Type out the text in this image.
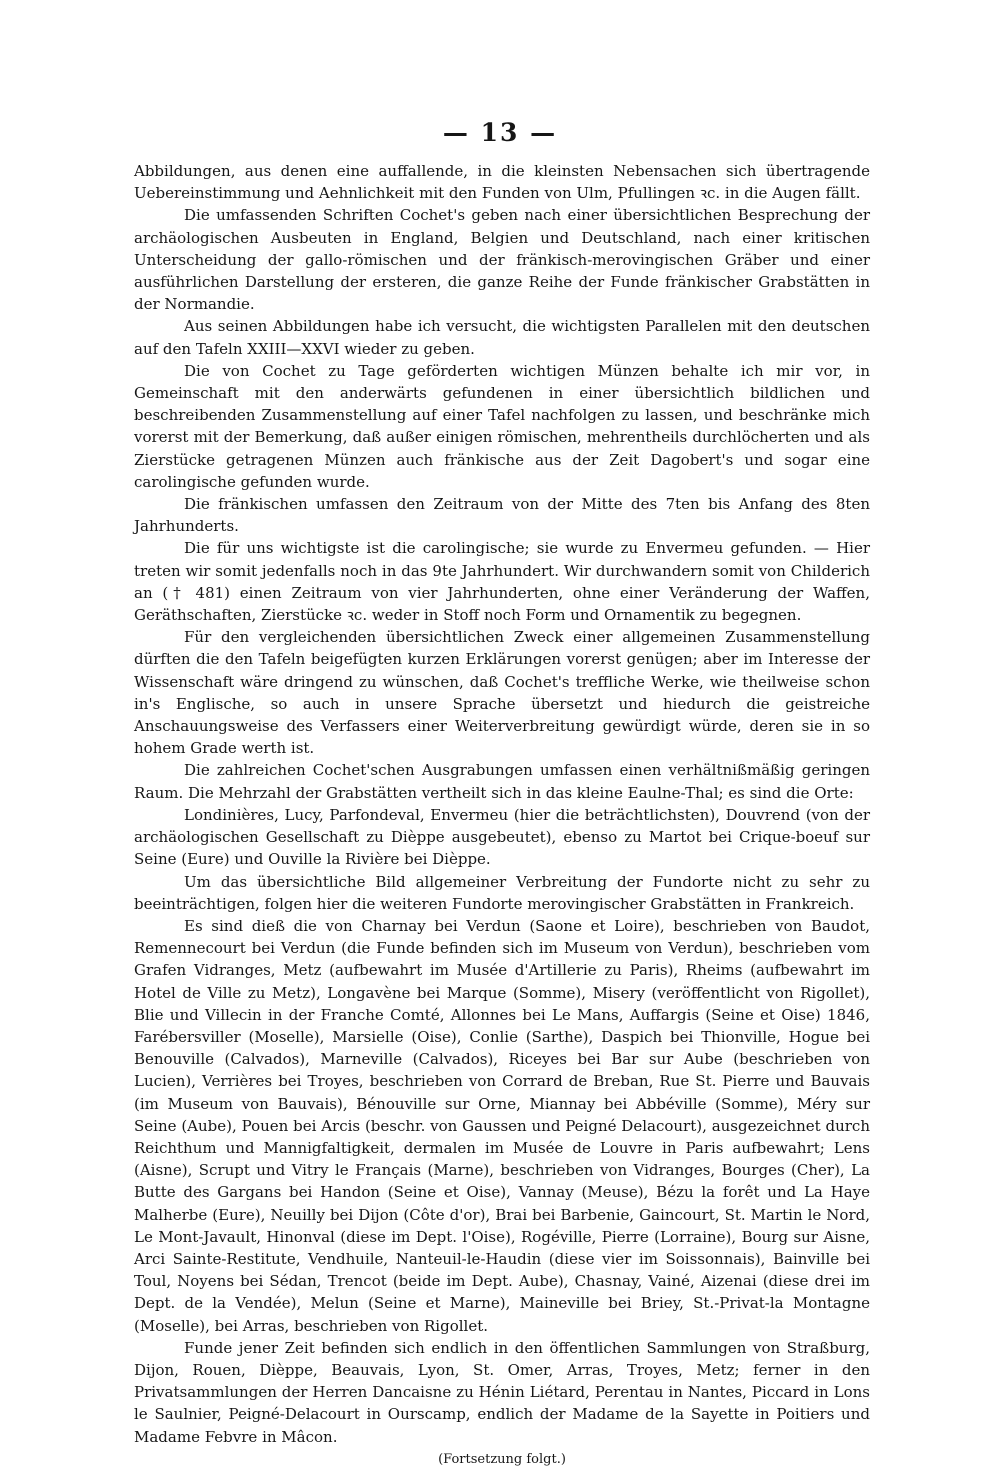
— 13 —

Abbildungen, aus denen eine auffallende, in die kleinsten Nebensachen sich übertragende Uebereinstimmung und Aehnlichkeit mit den Funden von Ulm, Pfullingen ꝛc. in die Augen fällt.

Die umfassenden Schriften Cochet's geben nach einer übersichtlichen Besprechung der archäologischen Ausbeuten in England, Belgien und Deutschland, nach einer kritischen Unterscheidung der gallo-römischen und der fränkisch-merovingischen Gräber und einer ausführlichen Darstellung der ersteren, die ganze Reihe der Funde fränkischer Grabstätten in der Normandie.

Aus seinen Abbildungen habe ich versucht, die wichtigsten Parallelen mit den deutschen auf den Tafeln XXIII—XXVI wieder zu geben.

Die von Cochet zu Tage geförderten wichtigen Münzen behalte ich mir vor, in Gemeinschaft mit den anderwärts gefundenen in einer übersichtlich bildlichen und beschreibenden Zusammenstellung auf einer Tafel nachfolgen zu lassen, und beschränke mich vorerst mit der Bemerkung, daß außer einigen römischen, mehrentheils durchlöcherten und als Zierstücke getragenen Münzen auch fränkische aus der Zeit Dagobert's und sogar eine carolingische gefunden wurde.

Die fränkischen umfassen den Zeitraum von der Mitte des 7ten bis Anfang des 8ten Jahrhunderts.

Die für uns wichtigste ist die carolingische; sie wurde zu Envermeu gefunden. — Hier treten wir somit jedenfalls noch in das 9te Jahrhundert. Wir durchwandern somit von Childerich an († 481) einen Zeitraum von vier Jahrhunderten, ohne einer Veränderung der Waffen, Geräthschaften, Zierstücke ꝛc. weder in Stoff noch Form und Ornamentik zu begegnen.

Für den vergleichenden übersichtlichen Zweck einer allgemeinen Zusammenstellung dürften die den Tafeln beigefügten kurzen Erklärungen vorerst genügen; aber im Interesse der Wissenschaft wäre dringend zu wünschen, daß Cochet's treffliche Werke, wie theilweise schon in's Englische, so auch in unsere Sprache übersetzt und hiedurch die geistreiche Anschauungsweise des Verfassers einer Weiterverbreitung gewürdigt würde, deren sie in so hohem Grade werth ist.

Die zahlreichen Cochet'schen Ausgrabungen umfassen einen verhältnißmäßig geringen Raum. Die Mehrzahl der Grabstätten vertheilt sich in das kleine Eaulne-Thal; es sind die Orte:

Londinières, Lucy, Parfondeval, Envermeu (hier die beträchtlichsten), Douvrend (von der archäologischen Gesellschaft zu Dièppe ausgebeutet), ebenso zu Martot bei Crique-boeuf sur Seine (Eure) und Ouville la Rivière bei Dièppe.

Um das übersichtliche Bild allgemeiner Verbreitung der Fundorte nicht zu sehr zu beeinträchtigen, folgen hier die weiteren Fundorte merovingischer Grabstätten in Frankreich.

Es sind dieß die von Charnay bei Verdun (Saone et Loire), beschrieben von Baudot, Remennecourt bei Verdun (die Funde befinden sich im Museum von Verdun), beschrieben vom Grafen Vidranges, Metz (aufbewahrt im Musée d'Artillerie zu Paris), Rheims (aufbewahrt im Hotel de Ville zu Metz), Longavène bei Marque (Somme), Misery (veröffentlicht von Rigollet), Blie und Villecin in der Franche Comté, Allonnes bei Le Mans, Auffargis (Seine et Oise) 1846, Farébersviller (Moselle), Marsielle (Oise), Conlie (Sarthe), Daspich bei Thionville, Hogue bei Benouville (Calvados), Marneville (Calvados), Riceyes bei Bar sur Aube (beschrieben von Lucien), Verrières bei Troyes, beschrieben von Corrard de Breban, Rue St. Pierre und Bauvais (im Museum von Bauvais), Bénouville sur Orne, Miannay bei Abbéville (Somme), Méry sur Seine (Aube), Pouen bei Arcis (beschr. von Gaussen und Peigné Delacourt), ausgezeichnet durch Reichthum und Mannigfaltigkeit, dermalen im Musée de Louvre in Paris aufbewahrt; Lens (Aisne), Scrupt und Vitry le Français (Marne), beschrieben von Vidranges, Bourges (Cher), La Butte des Gargans bei Handon (Seine et Oise), Vannay (Meuse), Bézu la forêt und La Haye Malherbe (Eure), Neuilly bei Dijon (Côte d'or), Brai bei Barbenie, Gaincourt, St. Martin le Nord, Le Mont-Javault, Hinonval (diese im Dept. l'Oise), Rogéville, Pierre (Lorraine), Bourg sur Aisne, Arci Sainte-Restitute, Vendhuile, Nanteuil-le-Haudin (diese vier im Soissonnais), Bainville bei Toul, Noyens bei Sédan, Trencot (beide im Dept. Aube), Chasnay, Vainé, Aizenai (diese drei im Dept. de la Vendée), Melun (Seine et Marne), Maineville bei Briey, St.-Privat-la Montagne (Moselle), bei Arras, beschrieben von Rigollet.

Funde jener Zeit befinden sich endlich in den öffentlichen Sammlungen von Straßburg, Dijon, Rouen, Dièppe, Beauvais, Lyon, St. Omer, Arras, Troyes, Metz; ferner in den Privatsammlungen der Herren Dancaisne zu Hénin Liétard, Perentau in Nantes, Piccard in Lons le Saulnier, Peigné-Delacourt in Ourscamp, endlich der Madame de la Sayette in Poitiers und Madame Febvre in Mâcon.

(Fortsetzung folgt.)
